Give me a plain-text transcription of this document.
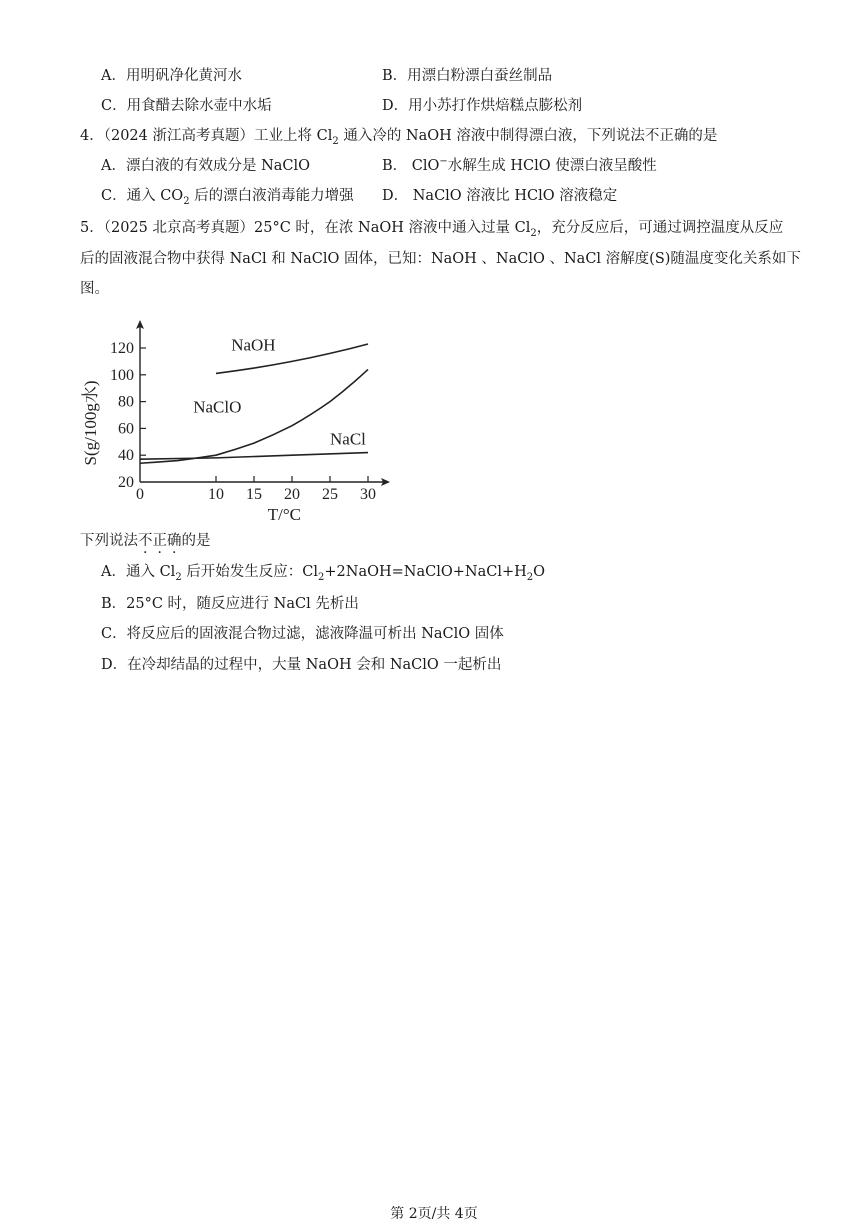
A．用明矾净化黄河水	B．用漂白粉漂白蚕丝制品
C．用食醋去除水壶中水垢	D．用小苏打作烘焙糕点膨松剂
4．（2024 浙江高考真题）工业上将 $Cl_2$ 通入冷的 NaOH 溶液中制得漂白液，下列说法不正确的是
A．漂白液的有效成分是 NaClO	B． ClO−水解生成 HClO 使漂白液呈酸性
C．通入 $CO_2$ 后的漂白液消毒能力增强 D． NaClO 溶液比 HClO 溶液稳定
5．（2025 北京高考真题）25°C 时，在浓 NaOH 溶液中通入过量 $Cl_2$，充分反应后，可通过调控温度从反应
后的固液混合物中获得 NaCl 和 NaClO 固体，已知：NaOH 、NaClO 、NaCl 溶解度(S)随温度变化关系如下
图。
20
40
60
80
100
120
0	10 15 20 25 30
NaOH
NaClO
NaCl
T/°C
S(g/100g水)
下列说法不正确的是
A．通入 $Cl_2$ 后开始发生反应：$Cl_2+2NaOH=NaClO+NaCl+H_2O$
B．25°C 时，随反应进行 NaCl 先析出
C．将反应后的固液混合物过滤，滤液降温可析出 NaClO 固体
D．在冷却结晶的过程中，大量 NaOH 会和 NaClO 一起析出
第 2页/共 4页
